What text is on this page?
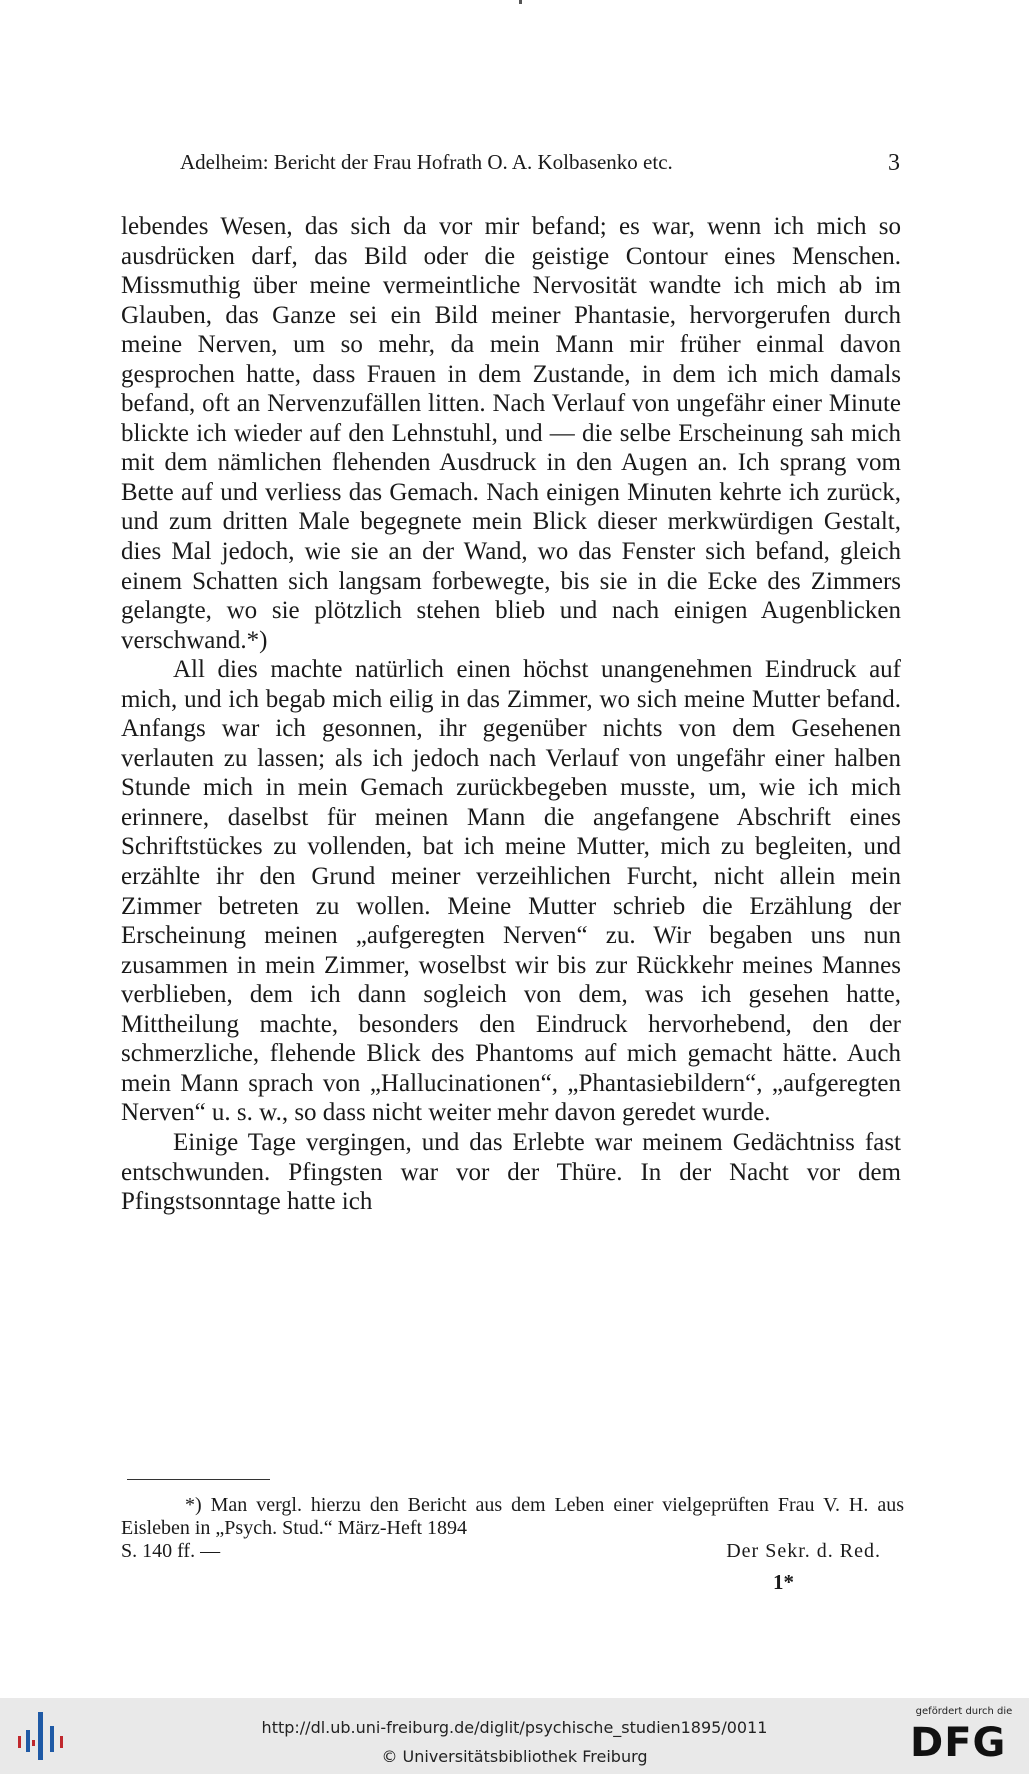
Adelheim: Bericht der Frau Hofrath O. A. Kolbasenko etc.	3

lebendes Wesen, das sich da vor mir befand; es war, wenn ich mich so ausdrücken darf, das Bild oder die geistige Contour eines Menschen. Missmuthig über meine vermeintliche Nervosität wandte ich mich ab im Glauben, das Ganze sei ein Bild meiner Phantasie, hervorgerufen durch meine Nerven, um so mehr, da mein Mann mir früher einmal davon gesprochen hatte, dass Frauen in dem Zustande, in dem ich mich damals befand, oft an Nervenzufällen litten. Nach Verlauf von ungefähr einer Minute blickte ich wieder auf den Lehnstuhl, und — die selbe Erscheinung sah mich mit dem nämlichen flehenden Ausdruck in den Augen an. Ich sprang vom Bette auf und verliess das Gemach. Nach einigen Minuten kehrte ich zurück, und zum dritten Male begegnete mein Blick dieser merkwürdigen Gestalt, dies Mal jedoch, wie sie an der Wand, wo das Fenster sich befand, gleich einem Schatten sich langsam forbewegte, bis sie in die Ecke des Zimmers gelangte, wo sie plötzlich stehen blieb und nach einigen Augenblicken verschwand.*)

All dies machte natürlich einen höchst unangenehmen Eindruck auf mich, und ich begab mich eilig in das Zimmer, wo sich meine Mutter befand. Anfangs war ich gesonnen, ihr gegenüber nichts von dem Gesehenen verlauten zu lassen; als ich jedoch nach Verlauf von ungefähr einer halben Stunde mich in mein Gemach zurückbegeben musste, um, wie ich mich erinnere, daselbst für meinen Mann die angefangene Abschrift eines Schriftstückes zu vollenden, bat ich meine Mutter, mich zu begleiten, und erzählte ihr den Grund meiner verzeihlichen Furcht, nicht allein mein Zimmer betreten zu wollen. Meine Mutter schrieb die Erzählung der Erscheinung meinen „aufgeregten Nerven“ zu. Wir begaben uns nun zusammen in mein Zimmer, woselbst wir bis zur Rückkehr meines Mannes verblieben, dem ich dann sogleich von dem, was ich gesehen hatte, Mittheilung machte, besonders den Eindruck hervorhebend, den der schmerzliche, flehende Blick des Phantoms auf mich gemacht hätte. Auch mein Mann sprach von „Hallucinationen“, „Phantasiebildern“, „aufgeregten Nerven“ u. s. w., so dass nicht weiter mehr davon geredet wurde.

Einige Tage vergingen, und das Erlebte war meinem Gedächtniss fast entschwunden. Pfingsten war vor der Thüre. In der Nacht vor dem Pfingstsonntage hatte ich

*) Man vergl. hierzu den Bericht aus dem Leben einer vielgeprüften Frau V. H. aus Eisleben in „Psych. Stud.“ März-Heft 1894

S. 140 ff. —	Der Sekr. d. Red.
1*
http://dl.ub.uni-freiburg.de/diglit/psychische_studien1895/0011
© Universitätsbibliothek Freiburg
gefördert durch die
DFG
